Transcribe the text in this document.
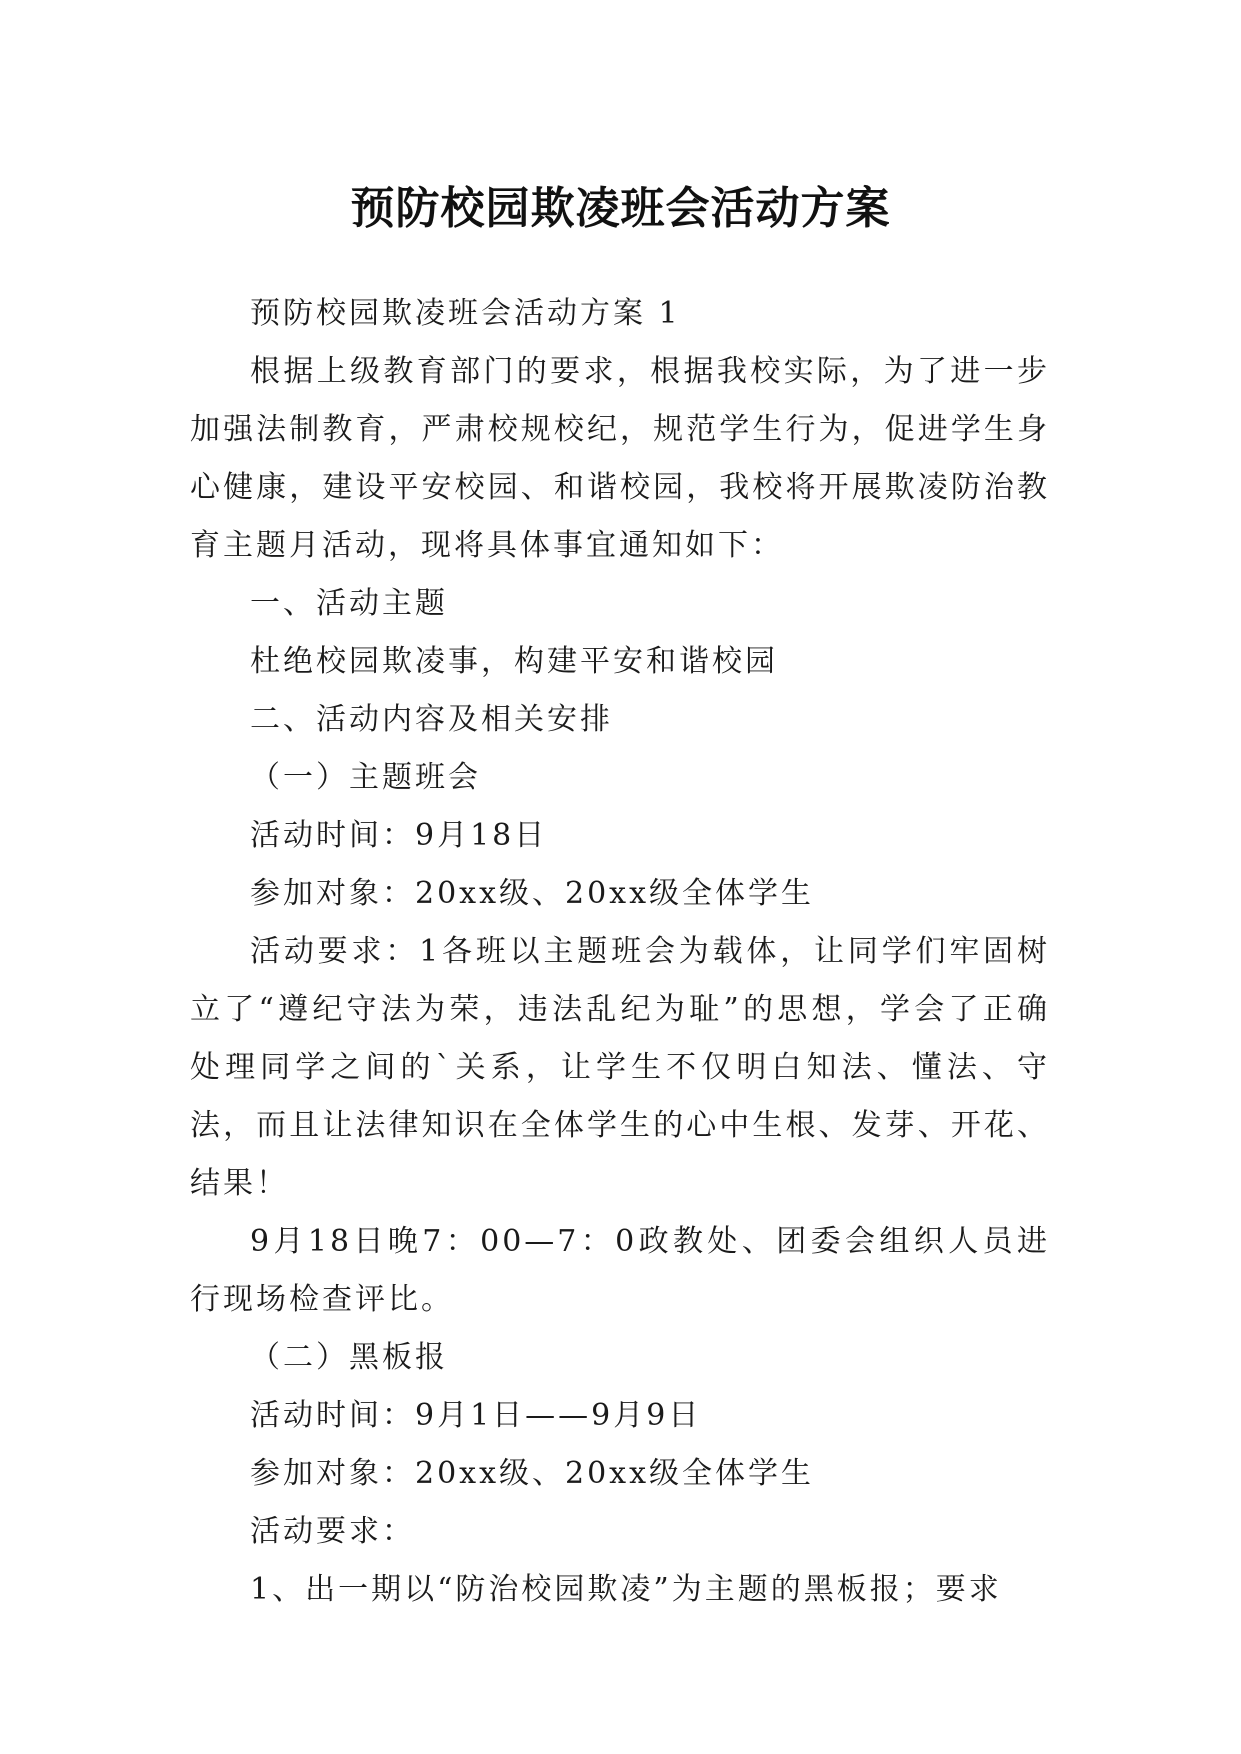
预防校园欺凌班会活动方案

预防校园欺凌班会活动方案 1

根据上级教育部门的要求，根据我校实际，为了进一步加强法制教育，严肃校规校纪，规范学生行为，促进学生身心健康，建设平安校园、和谐校园，我校将开展欺凌防治教育主题月活动，现将具体事宜通知如下：

一、活动主题

杜绝校园欺凌事，构建平安和谐校园

二、活动内容及相关安排

（一）主题班会

活动时间：9月18日

参加对象：20xx级、20xx级全体学生

活动要求：1各班以主题班会为载体，让同学们牢固树立了“遵纪守法为荣，违法乱纪为耻”的思想，学会了正确处理同学之间的`关系，让学生不仅明白知法、懂法、守法，而且让法律知识在全体学生的心中生根、发芽、开花、结果！

9月18日晚7：00—7：0政教处、团委会组织人员进行现场检查评比。

（二）黑板报

活动时间：9月1日——9月9日

参加对象：20xx级、20xx级全体学生

活动要求：

1、出一期以“防治校园欺凌”为主题的黑板报；要求
